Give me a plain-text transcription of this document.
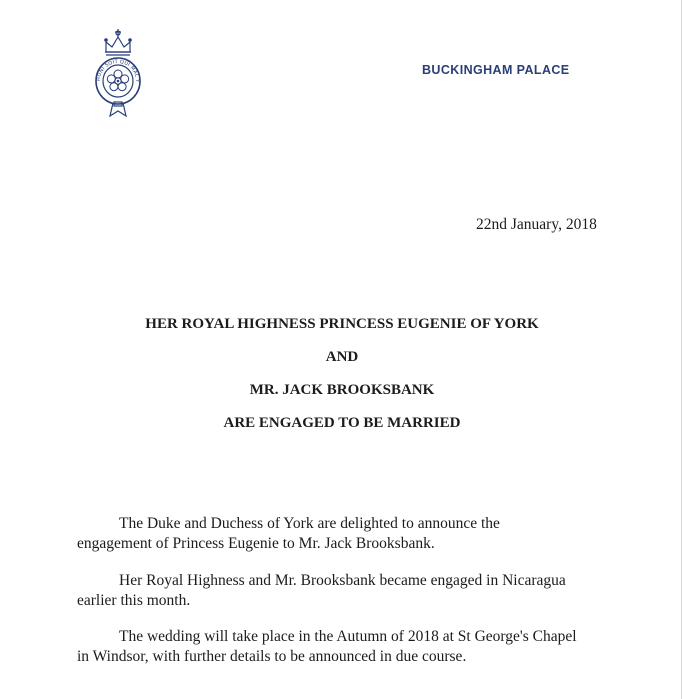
HONI SOIT QUI MAL Y
BUCKINGHAM PALACE
22nd January, 2018
HER ROYAL HIGHNESS PRINCESS EUGENIE OF YORK
AND
MR. JACK BROOKSBANK
ARE ENGAGED TO BE MARRIED
The Duke and Duchess of York are delighted to announce the
engagement of Princess Eugenie to Mr. Jack Brooksbank.
Her Royal Highness and Mr. Brooksbank became engaged in Nicaragua
earlier this month.
The wedding will take place in the Autumn of 2018 at St George's Chapel
in Windsor, with further details to be announced in due course.
